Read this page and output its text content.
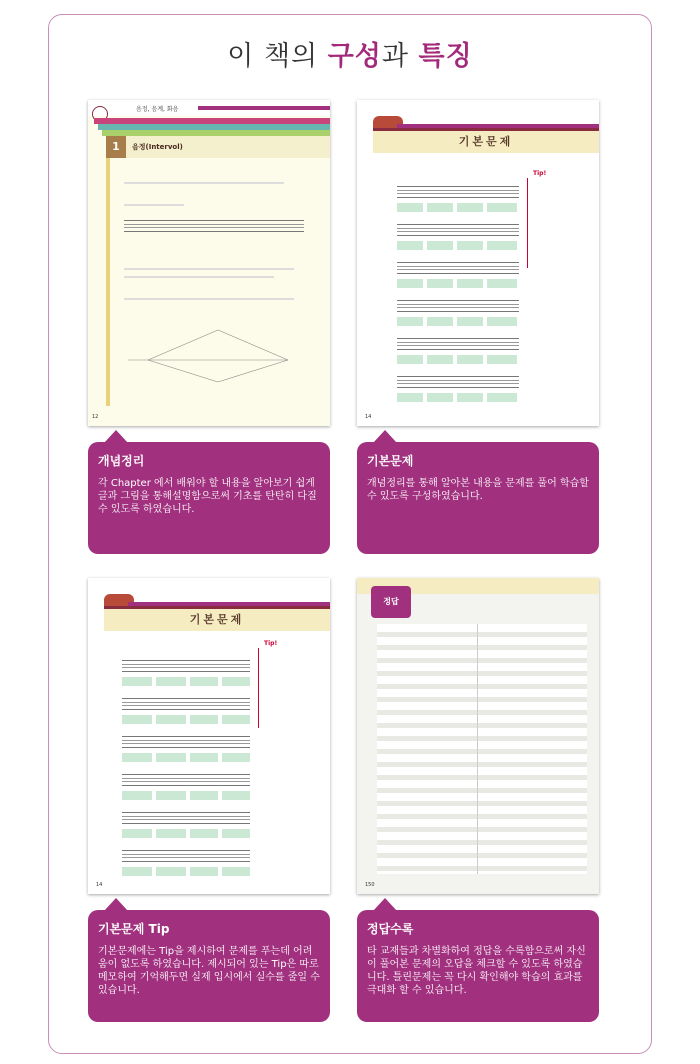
이 책의 구성과 특징
음정, 음계, 화음
1	음정(Intervol)
12
기본문제
Tip!
14
개념정리

각 Chapter 에서 배워야 할 내용을 알아보기 쉽게 글과 그림을 통해설명함으로써 기초를 탄탄히 다질 수 있도록 하였습니다.

기본문제

개념정리를 통해 알아본 내용을 문제를 풀어 학습할 수 있도록 구성하였습니다.

기본문제
Tip!
14
정답
150
기본문제 Tip

기본문제에는 Tip을 제시하여 문제를 푸는데 어려움이 없도록 하였습니다. 제시되어 있는 Tip은 따로 메모하여 기억해두면 실제 입시에서 실수를 줄일 수 있습니다.

정답수록

타 교재들과 차별화하여 정답을 수록함으로써 자신이 풀어본 문제의 오답을 체크할 수 있도록 하였습니다. 틀린문제는 꼭 다시 확인해야 학습의 효과를 극대화 할 수 있습니다.
